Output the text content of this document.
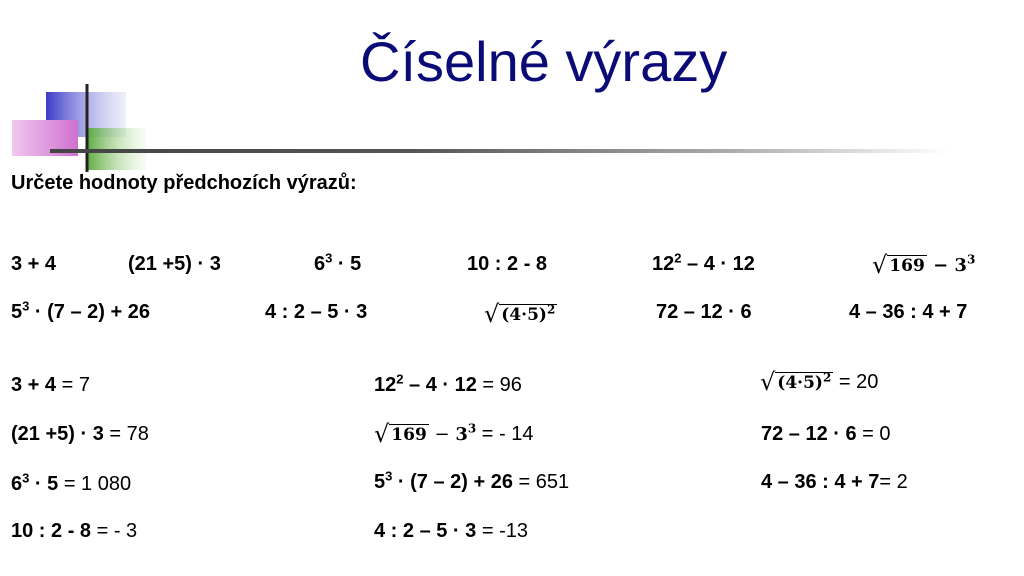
Číselné výrazy
Určete hodnoty předchozích výrazů:
3 + 4	(21 +5) · 3	$6^3 \cdot 5$	10 : 2 - 8	$12^2 - 4 \cdot 12$	√ $169 - 3^3$
$5^3 \cdot (7 - 2) + 26$	4 : 2 – 5 · 3	√ $(4\cdot 5)^2$	72 – 12 · 6	4 – 36 : 4 + 7
3 + 4 = 7
(21 +5) · 3 = 78
$6^3 \cdot 5 = 1$ 080
10 : 2 - 8 = - 3
$12^2 - 4 \cdot 12 = 96$
√ $169 - 3^3$ = - 14
$5^3 \cdot (7 - 2) + 26 = 651$
4 : 2 – 5 · 3 = -13
√ $(4\cdot 5)^2 = 20$
72 – 12 · 6 = 0
4 – 36 : 4 + 7= 2
